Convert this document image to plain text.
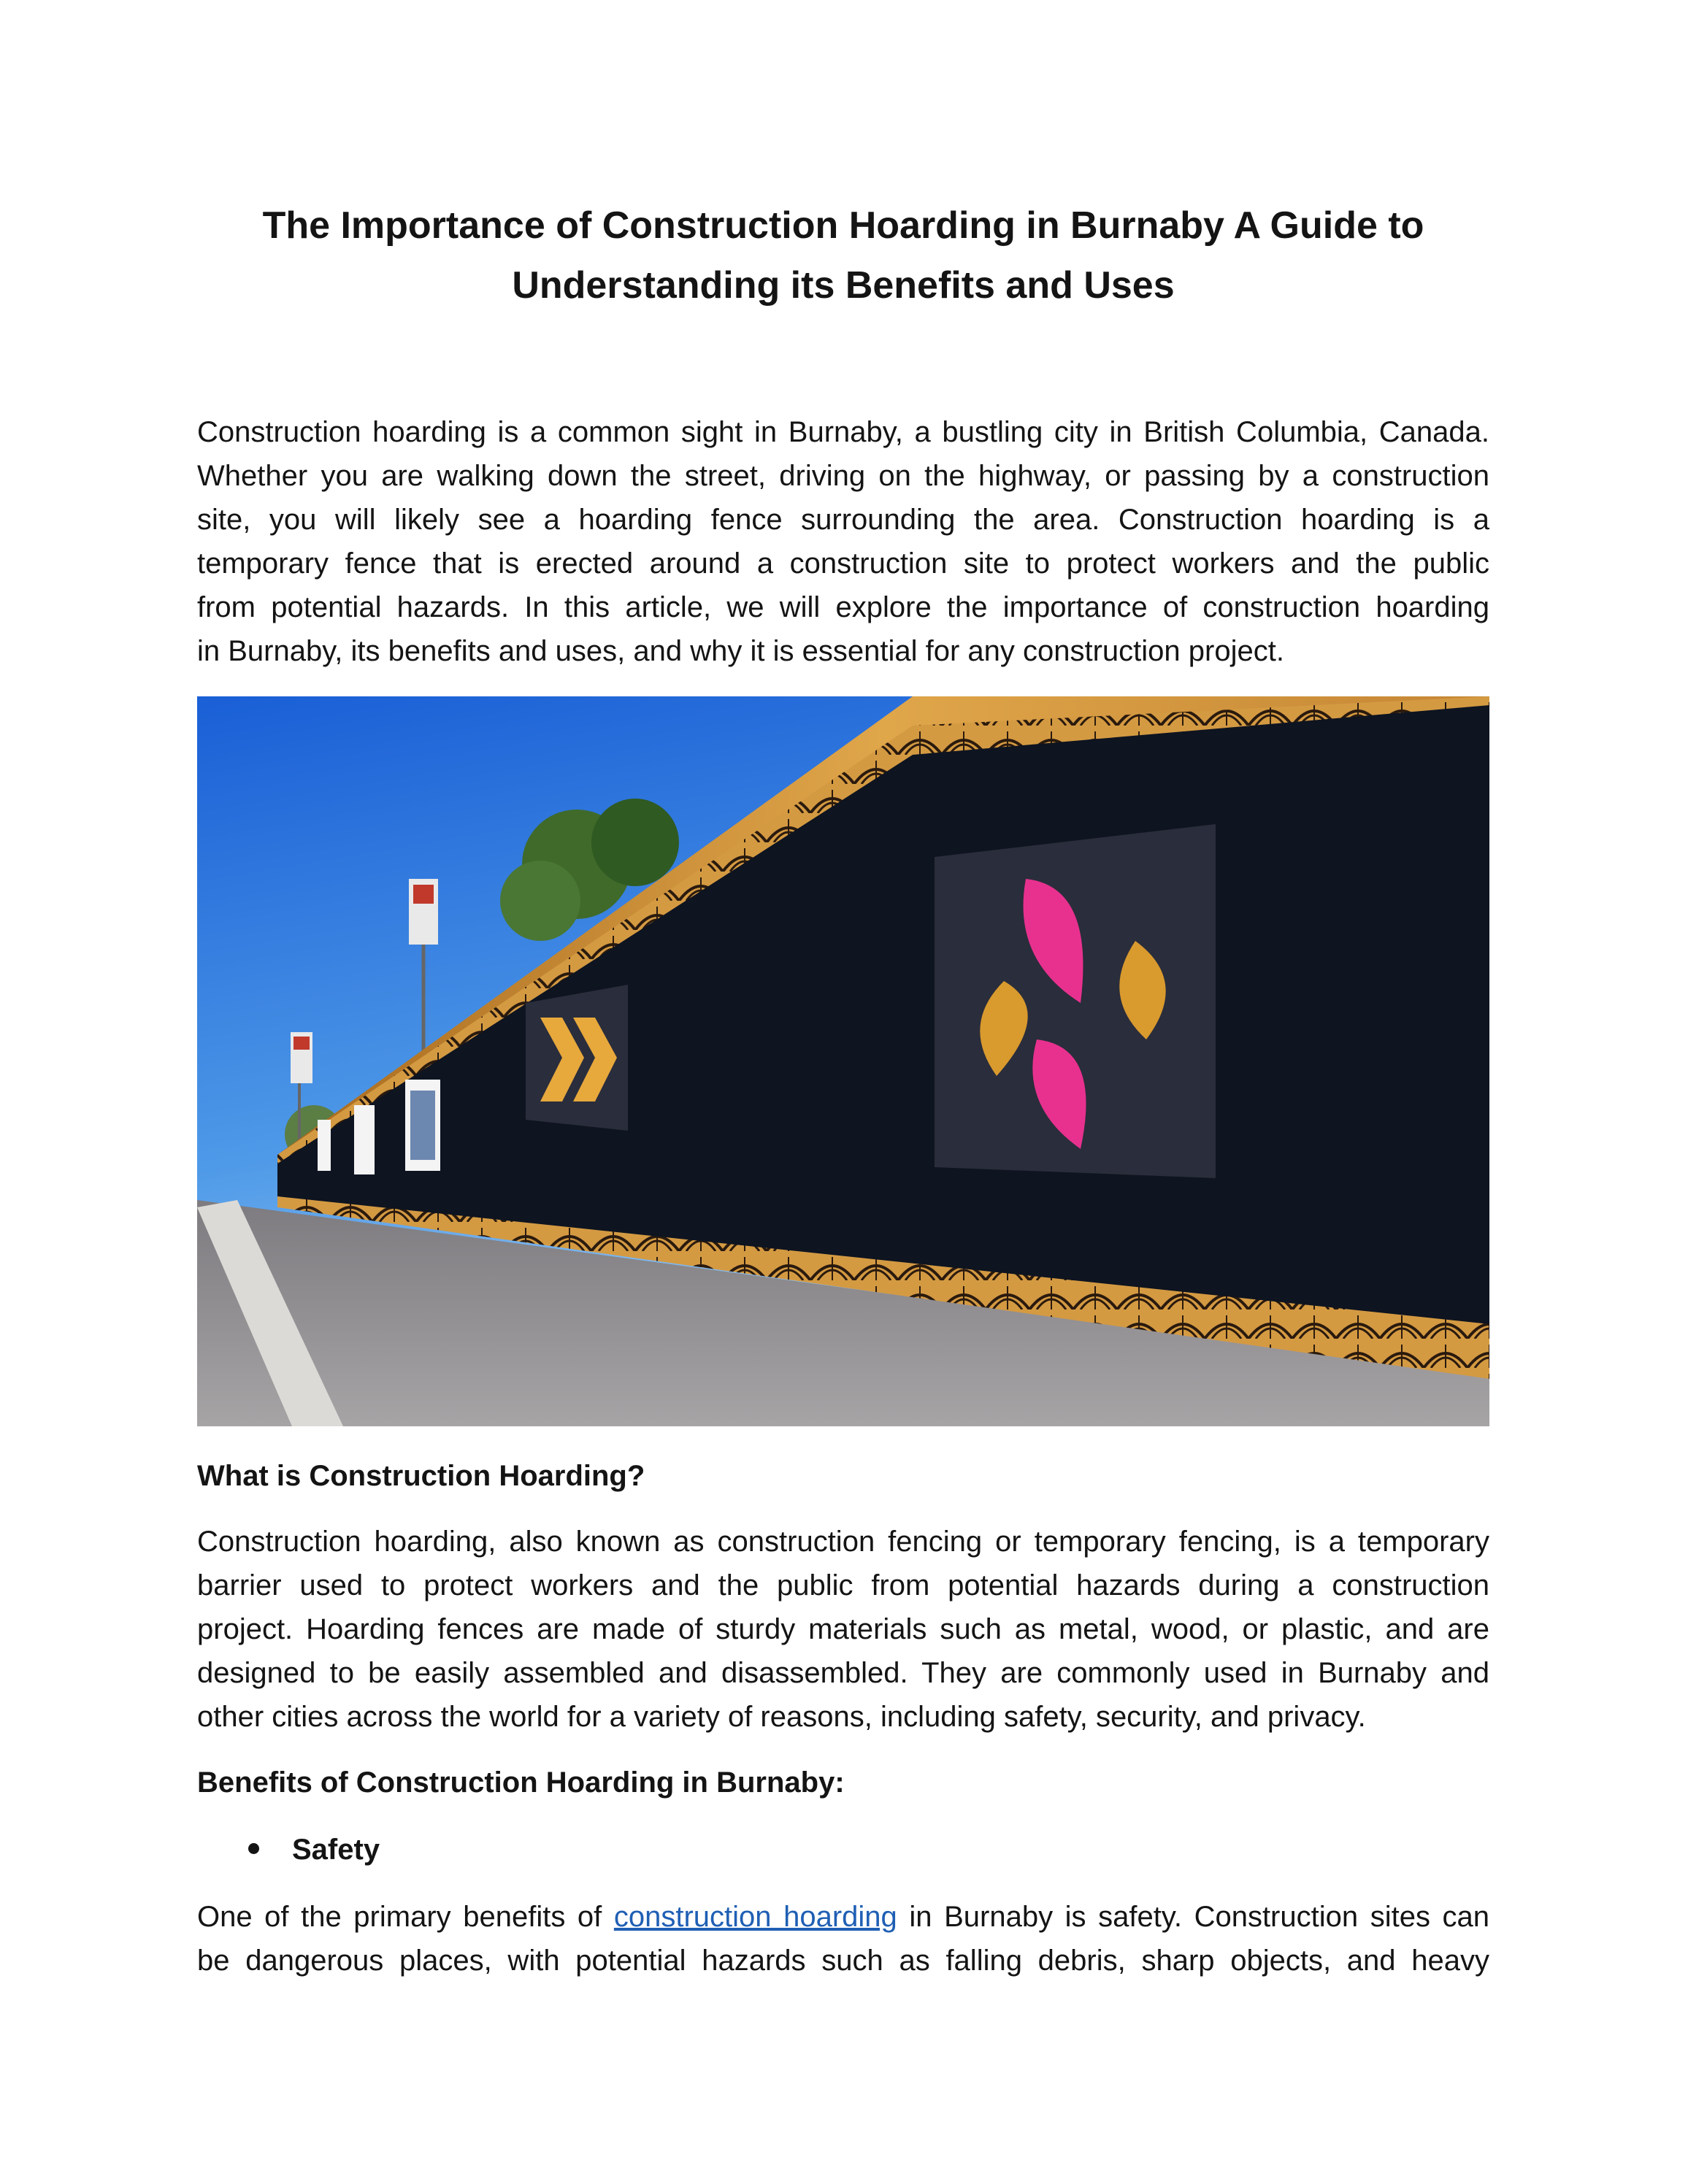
The Importance of Construction Hoarding in Burnaby A Guide to
Understanding its Benefits and Uses

Construction hoarding is a common sight in Burnaby, a bustling city in British Columbia, Canada.
Whether you are walking down the street, driving on the highway, or passing by a construction
site, you will likely see a hoarding fence surrounding the area. Construction hoarding is a
temporary fence that is erected around a construction site to protect workers and the public
from potential hazards. In this article, we will explore the importance of construction hoarding
in Burnaby, its benefits and uses, and why it is essential for any construction project.

What is Construction Hoarding?

Construction hoarding, also known as construction fencing or temporary fencing, is a temporary
barrier used to protect workers and the public from potential hazards during a construction
project. Hoarding fences are made of sturdy materials such as metal, wood, or plastic, and are
designed to be easily assembled and disassembled. They are commonly used in Burnaby and
other cities across the world for a variety of reasons, including safety, security, and privacy.

Benefits of Construction Hoarding in Burnaby:

Safety

One of the primary benefits of construction hoarding in Burnaby is safety. Construction sites can
be dangerous places, with potential hazards such as falling debris, sharp objects, and heavy
